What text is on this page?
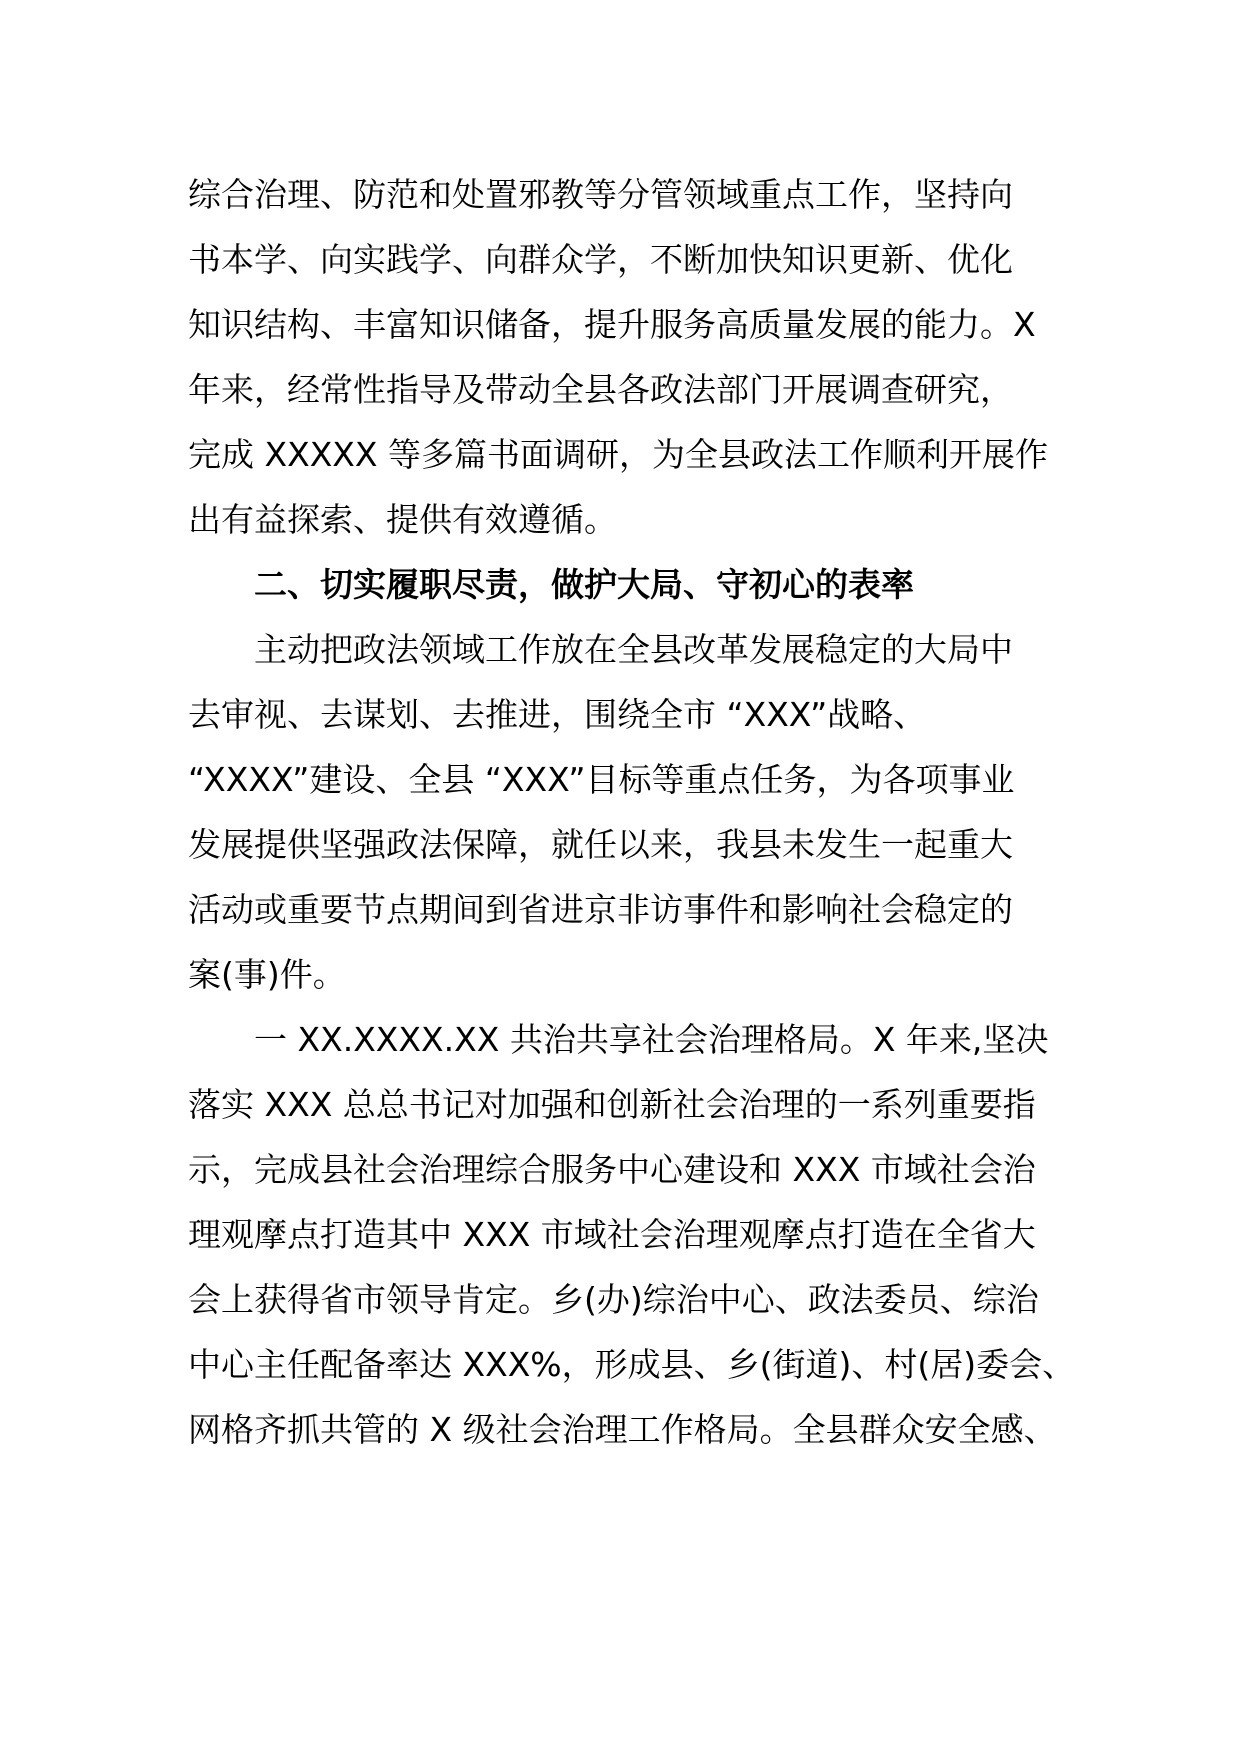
综合治理、防范和处置邪教等分管领域重点工作，坚持向

书本学、向实践学、向群众学，不断加快知识更新、优化

知识结构、丰富知识储备，提升服务高质量发展的能力。X

年来，经常性指导及带动全县各政法部门开展调查研究，

完成 XXXXX 等多篇书面调研，为全县政法工作顺利开展作

出有益探索、提供有效遵循。

二、切实履职尽责，做护大局、守初心的表率

主动把政法领域工作放在全县改革发展稳定的大局中

去审视、去谋划、去推进，围绕全市 “XXX”战略、

“XXXX”建设、全县 “XXX”目标等重点任务，为各项事业

发展提供坚强政法保障，就任以来，我县未发生一起重大

活动或重要节点期间到省进京非访事件和影响社会稳定的

案(事)件。

一 XX.XXXX.XX 共治共享社会治理格局。X 年来,坚决

落实 XXX 总总书记对加强和创新社会治理的一系列重要指

示，完成县社会治理综合服务中心建设和 XXX 市域社会治

理观摩点打造其中 XXX 市域社会治理观摩点打造在全省大

会上获得省市领导肯定。乡(办)综治中心、政法委员、综治

中心主任配备率达 XXX%，形成县、乡(街道)、村(居)委会、

网格齐抓共管的 X 级社会治理工作格局。全县群众安全感、
